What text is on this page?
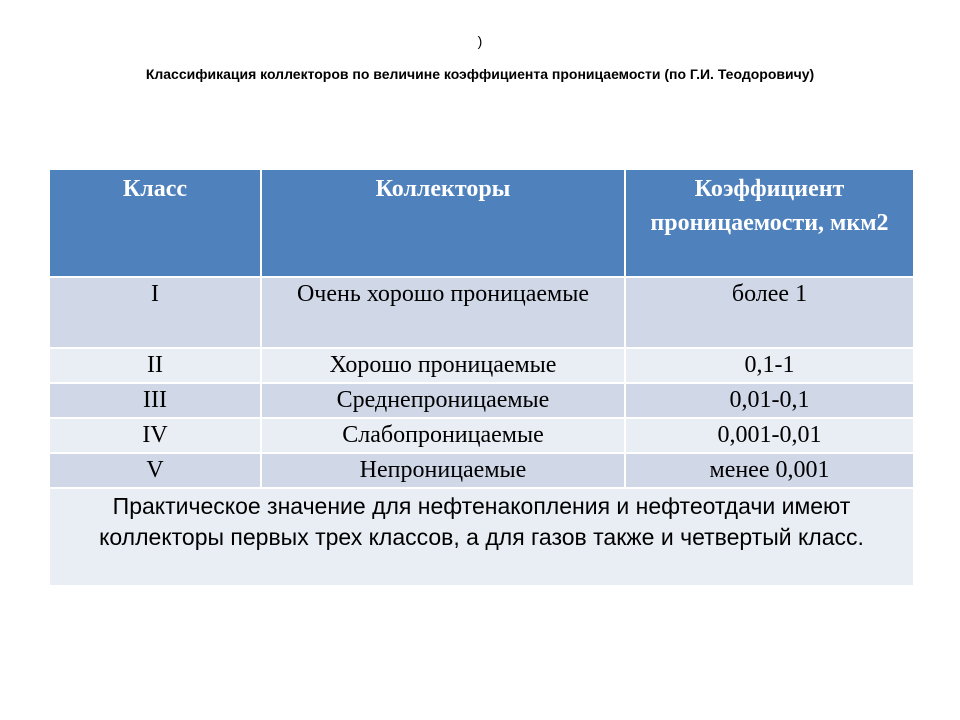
)
Классификация коллекторов по величине коэффициента проницаемости (по Г.И. Теодоровичу)
Класс	Коллекторы	Коэффициент проницаемости, мкм2
I	Очень хорошо проницаемые	более 1
II	Хорошо проницаемые	0,1-1
III	Среднепроницаемые	0,01-0,1
IV	Слабопроницаемые	0,001-0,01
V	Непроницаемые	менее 0,001
Практическое значение для нефтенакопления и нефтеотдачи имеют коллекторы первых трех классов, а для газов также и четвертый класс.		
